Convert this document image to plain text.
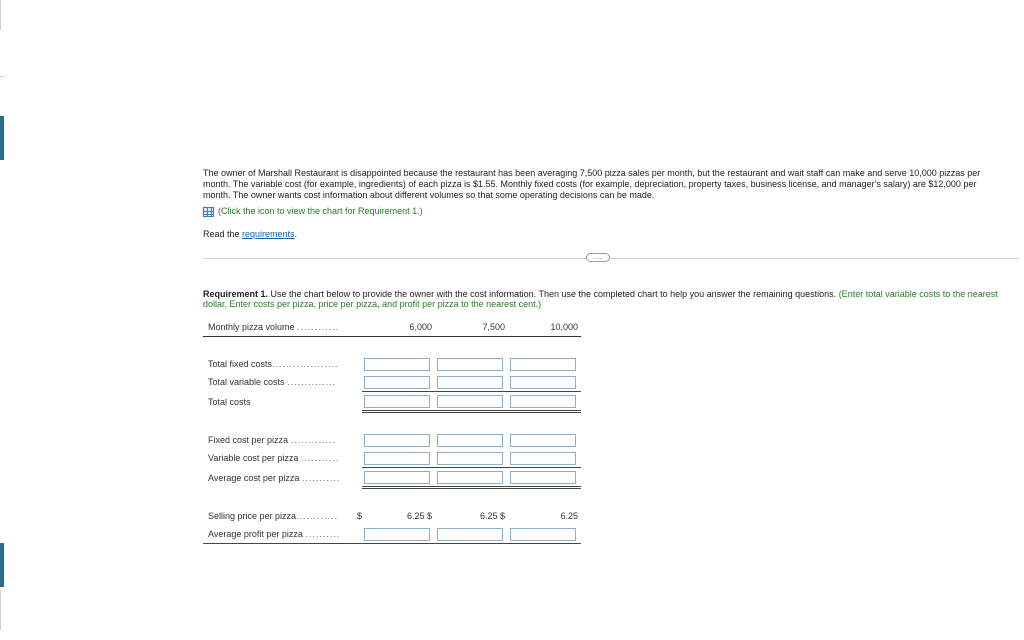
The owner of Marshall Restaurant is disappointed because the restaurant has been averaging 7,500 pizza sales per month, but the restaurant and wait staff can make and serve 10,000 pizzas per month. The variable cost (for example, ingredients) of each pizza is $1.55. Monthly fixed costs (for example, depreciation, property taxes, business license, and manager's salary) are $12,000 per month. The owner wants cost information about different volumes so that some operating decisions can be made.

(Click the icon to view the chart for Requirement 1.)
Read the requirements.
.....
Requirement 1. Use the chart below to provide the owner with the cost information. Then use the completed chart to help you answer the remaining questions. (Enter total variable costs to the nearest dollar. Enter costs per pizza, price per pizza, and profit per pizza to the nearest cent.)
Monthly pizza volume ............	6,000	7,500	10,000

Total fixed costs...................	

Total variable costs ..............	

Total costs	

Fixed cost per pizza .............	

Variable cost per pizza ...........	

Average cost per pizza ...........	

Selling price per pizza............ $	6.25 $	6.25 $	6.25
Average profit per pizza ..........	
